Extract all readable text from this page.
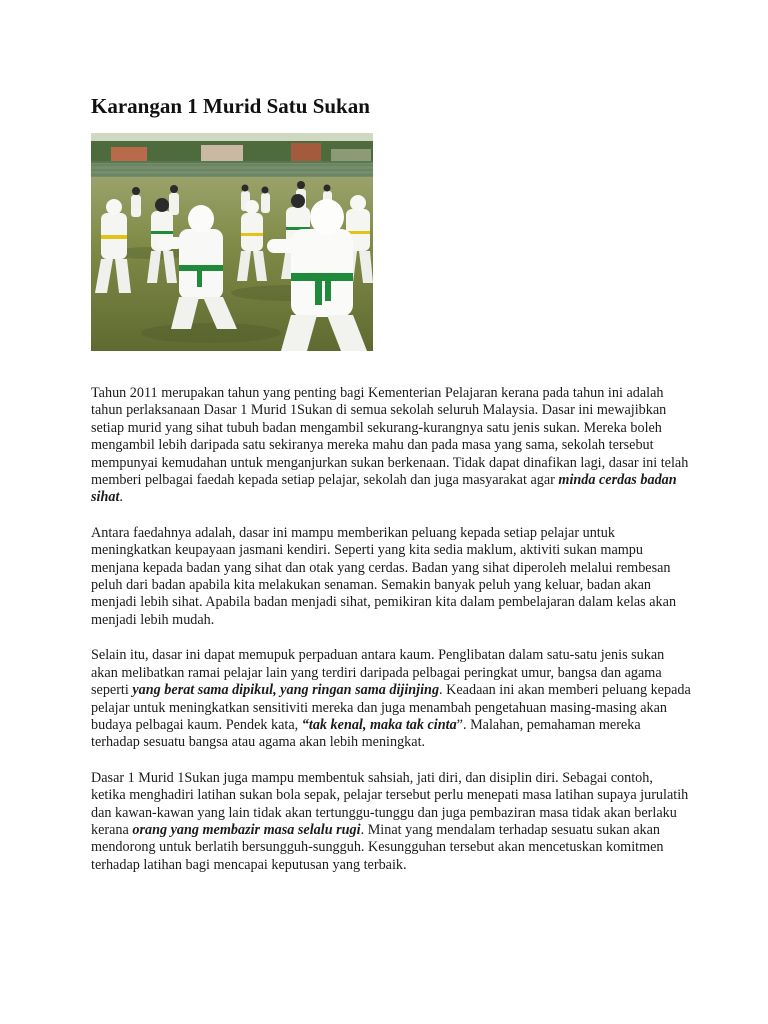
Karangan 1 Murid Satu Sukan

Tahun 2011 merupakan tahun yang penting bagi Kementerian Pelajaran kerana pada tahun ini adalah tahun perlaksanaan Dasar 1 Murid 1Sukan di semua sekolah seluruh Malaysia. Dasar ini mewajibkan setiap murid yang sihat tubuh badan mengambil sekurang-kurangnya satu jenis sukan. Mereka boleh mengambil lebih daripada satu sekiranya mereka mahu dan pada masa yang sama, sekolah tersebut mempunyai kemudahan untuk menganjurkan sukan berkenaan. Tidak dapat dinafikan lagi, dasar ini telah memberi pelbagai faedah kepada setiap pelajar, sekolah dan juga masyarakat agar minda cerdas badan sihat.

Antara faedahnya adalah, dasar ini mampu memberikan peluang kepada setiap pelajar untuk meningkatkan keupayaan jasmani kendiri. Seperti yang kita sedia maklum, aktiviti sukan mampu menjana kepada badan yang sihat dan otak yang cerdas. Badan yang sihat diperoleh melalui rembesan peluh dari badan apabila kita melakukan senaman. Semakin banyak peluh yang keluar, badan akan menjadi lebih sihat. Apabila badan menjadi sihat, pemikiran kita dalam pembelajaran dalam kelas akan menjadi lebih mudah.

Selain itu, dasar ini dapat memupuk perpaduan antara kaum. Penglibatan dalam satu-satu jenis sukan akan melibatkan ramai pelajar lain yang terdiri daripada pelbagai peringkat umur, bangsa dan agama seperti yang berat sama dipikul, yang ringan sama dijinjing. Keadaan ini akan memberi peluang kepada pelajar untuk meningkatkan sensitiviti mereka dan juga menambah pengetahuan masing-masing akan budaya pelbagai kaum. Pendek kata, “tak kenal, maka tak cinta”. Malahan, pemahaman mereka terhadap sesuatu bangsa atau agama akan lebih meningkat.

Dasar 1 Murid 1Sukan juga mampu membentuk sahsiah, jati diri, dan disiplin diri. Sebagai contoh, ketika menghadiri latihan sukan bola sepak, pelajar tersebut perlu menepati masa latihan supaya jurulatih dan kawan-kawan yang lain tidak akan tertunggu-tunggu dan juga pembaziran masa tidak akan berlaku kerana orang yang membazir masa selalu rugi. Minat yang mendalam terhadap sesuatu sukan akan mendorong untuk berlatih bersungguh-sungguh. Kesungguhan tersebut akan mencetuskan komitmen terhadap latihan bagi mencapai keputusan yang terbaik.
